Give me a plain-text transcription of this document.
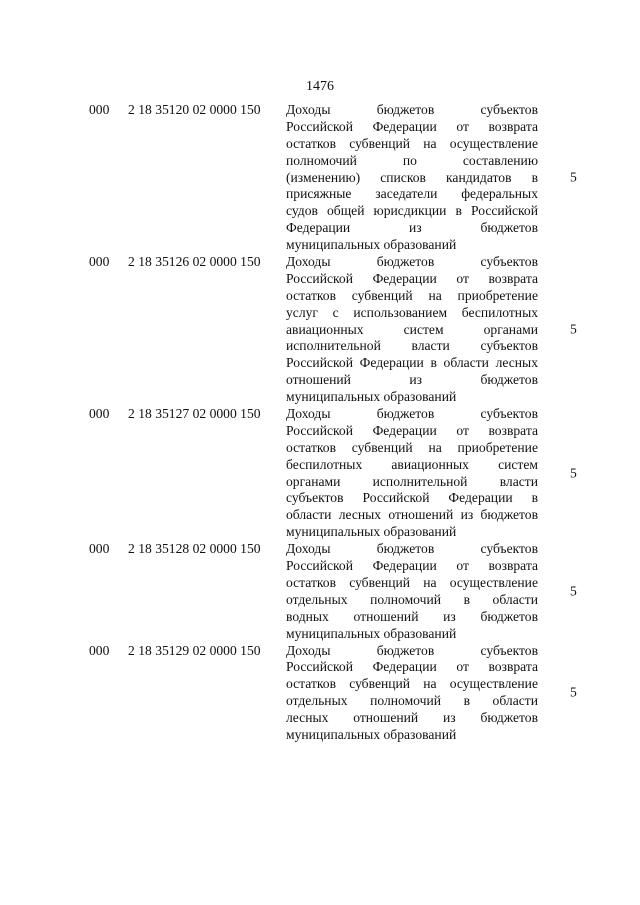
1476
000 2 18 35120 02 0000 150 Доходы бюджетов субъектов
Российской Федерации от возврата
остатков субвенций на осуществление
полномочий по составлению
(изменению) списков кандидатов в
присяжные заседатели федеральных
судов общей юрисдикции в Российской
Федерации из бюджетов
муниципальных образований
5
000 2 18 35126 02 0000 150 Доходы бюджетов субъектов
Российской Федерации от возврата
остатков субвенций на приобретение
услуг с использованием беспилотных
авиационных систем органами
исполнительной власти субъектов
Российской Федерации в области лесных
отношений из бюджетов
муниципальных образований
5
000 2 18 35127 02 0000 150 Доходы бюджетов субъектов
Российской Федерации от возврата
остатков субвенций на приобретение
беспилотных авиационных систем
органами исполнительной власти
субъектов Российской Федерации в
области лесных отношений из бюджетов
муниципальных образований
5
000 2 18 35128 02 0000 150 Доходы бюджетов субъектов
Российской Федерации от возврата
остатков субвенций на осуществление
отдельных полномочий в области
водных отношений из бюджетов
муниципальных образований
5
000 2 18 35129 02 0000 150 Доходы бюджетов субъектов
Российской Федерации от возврата
остатков субвенций на осуществление
отдельных полномочий в области
лесных отношений из бюджетов
муниципальных образований
5
